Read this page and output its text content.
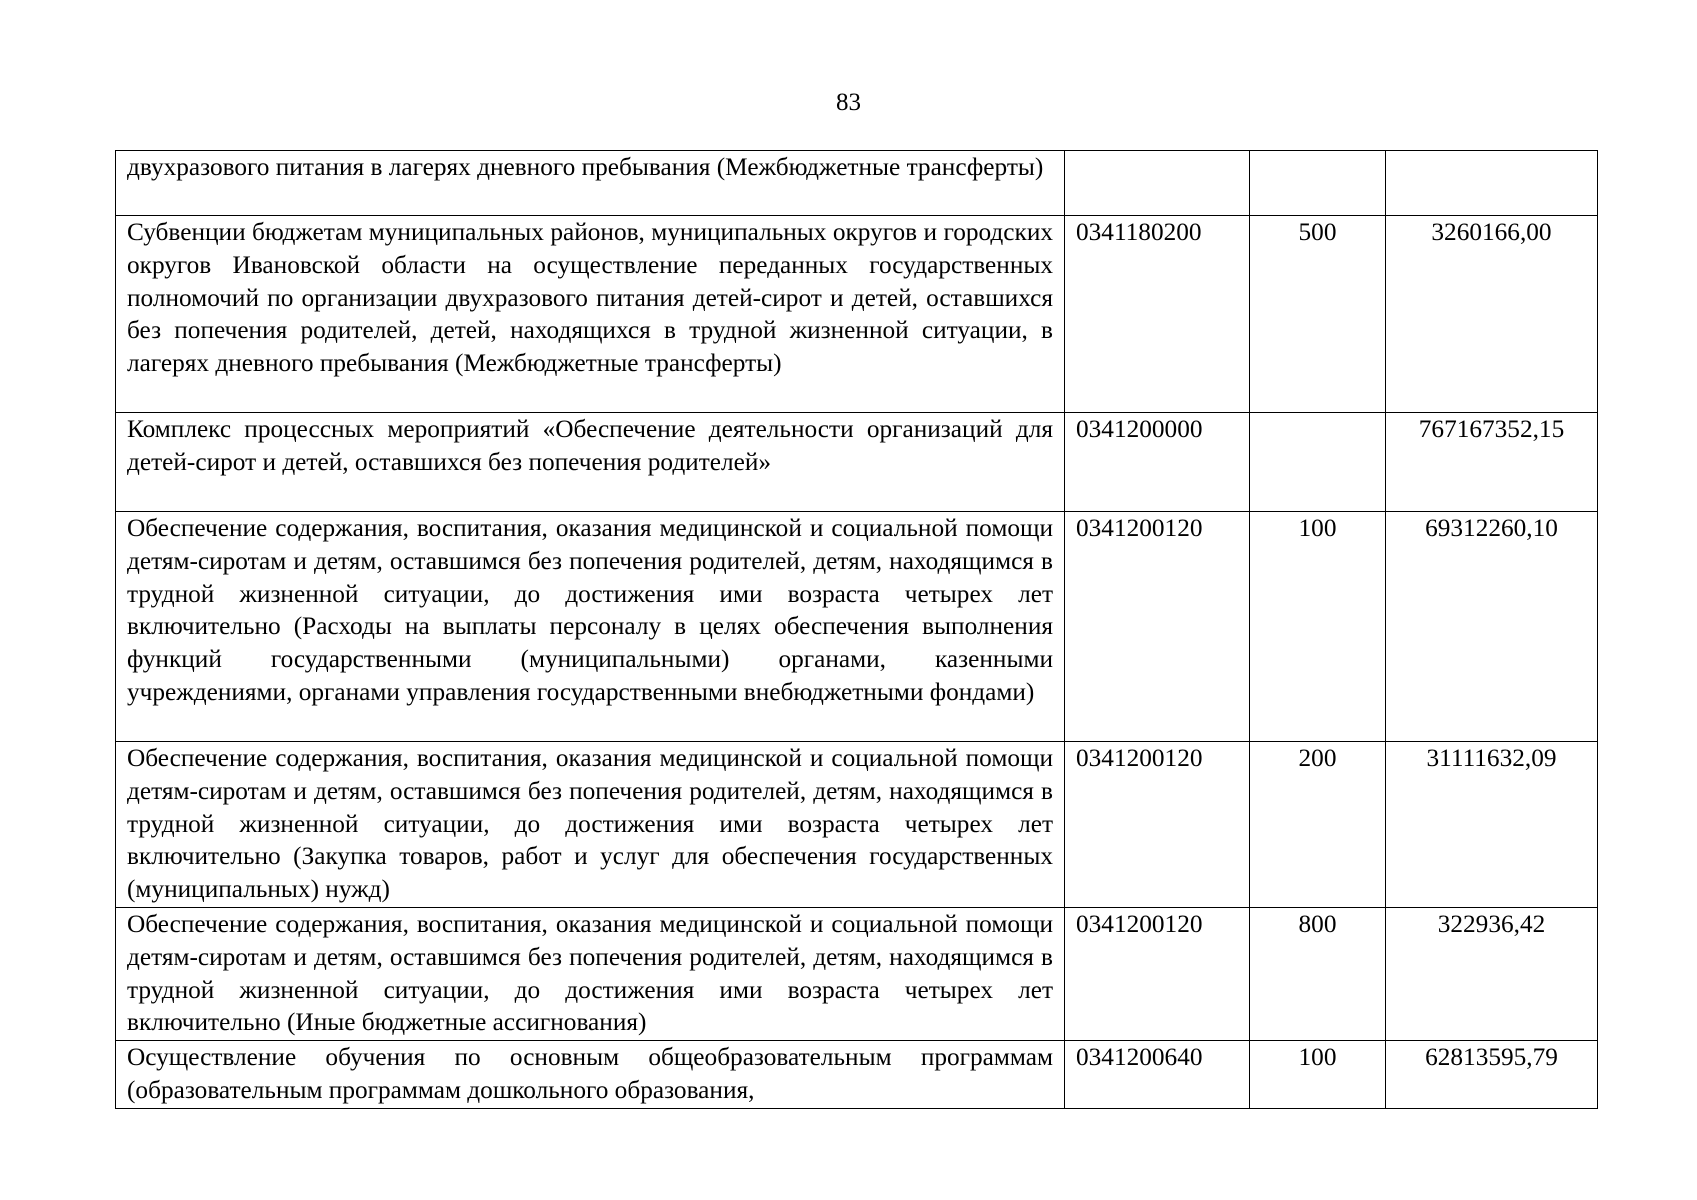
83
двухразового питания в лагерях дневного пребывания (Межбюджетные трансферты)			
Субвенции бюджетам муниципальных районов, муниципальных округов и городских округов Ивановской области на осуществление переданных государственных полномочий по организации двухразового питания детей-сирот и детей, оставшихся без попечения родителей, детей, находящихся в трудной жизненной ситуации, в лагерях дневного пребывания (Межбюджетные трансферты)	0341180200	500	3260166,00
Комплекс процессных мероприятий «Обеспечение деятельности организаций для детей-сирот и детей, оставшихся без попечения родителей»	0341200000		767167352,15
Обеспечение содержания, воспитания, оказания медицинской и социальной помощи детям-сиротам и детям, оставшимся без попечения родителей, детям, находящимся в трудной жизненной ситуации, до достижения ими возраста четырех лет включительно (Расходы на выплаты персоналу в целях обеспечения выполнения функций государственными (муниципальными) органами, казенными учреждениями, органами управления государственными внебюджетными фондами)	0341200120	100	69312260,10
Обеспечение содержания, воспитания, оказания медицинской и социальной помощи детям-сиротам и детям, оставшимся без попечения родителей, детям, находящимся в трудной жизненной ситуации, до достижения ими возраста четырех лет включительно (Закупка товаров, работ и услуг для обеспечения государственных (муниципальных) нужд)	0341200120	200	31111632,09
Обеспечение содержания, воспитания, оказания медицинской и социальной помощи детям-сиротам и детям, оставшимся без попечения родителей, детям, находящимся в трудной жизненной ситуации, до достижения ими возраста четырех лет включительно (Иные бюджетные ассигнования)	0341200120	800	322936,42
Осуществление обучения по основным общеобразовательным программам (образовательным программам дошкольного образования,	0341200640	100	62813595,79
